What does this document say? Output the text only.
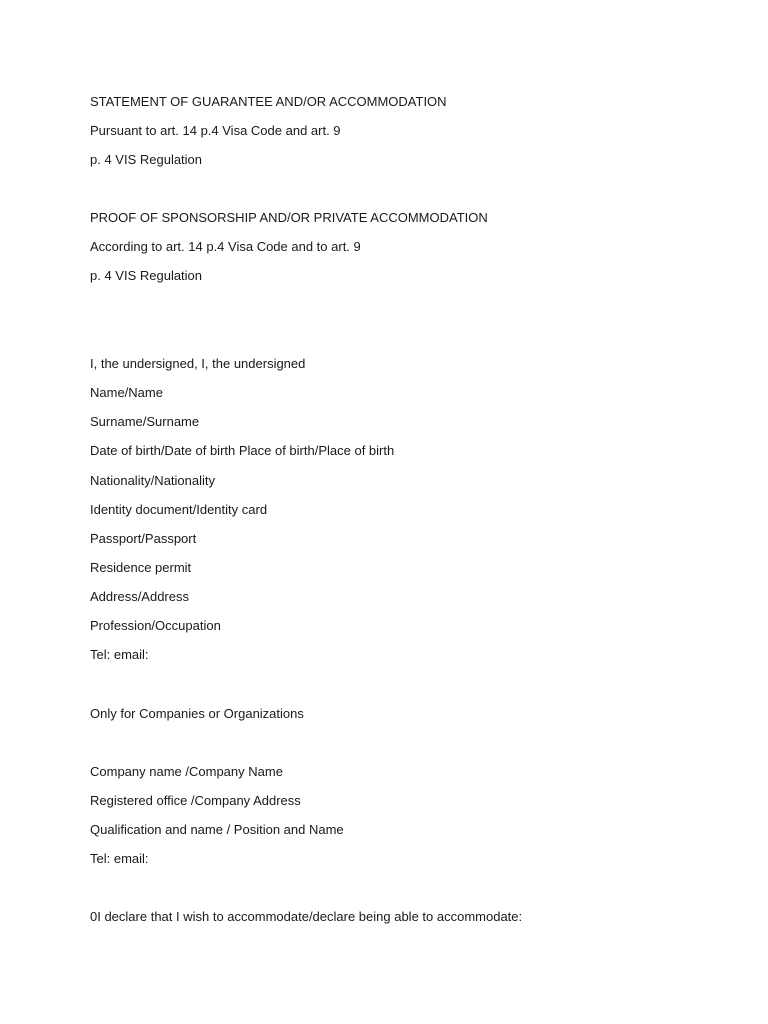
STATEMENT OF GUARANTEE AND/OR ACCOMMODATION
Pursuant to art. 14 p.4 Visa Code and art. 9
p. 4 VIS Regulation
PROOF OF SPONSORSHIP AND/OR PRIVATE ACCOMMODATION
According to art. 14 p.4 Visa Code and to art. 9
p. 4 VIS Regulation
I, the undersigned, I, the undersigned
Name/Name
Surname/Surname
Date of birth/Date of birth Place of birth/Place of birth
Nationality/Nationality
Identity document/Identity card
Passport/Passport
Residence permit
Address/Address
Profession/Occupation
Tel: email:
Only for Companies or Organizations
Company name /Company Name
Registered office /Company Address
Qualification and name / Position and Name
Tel: email:
0I declare that I wish to accommodate/declare being able to accommodate:
